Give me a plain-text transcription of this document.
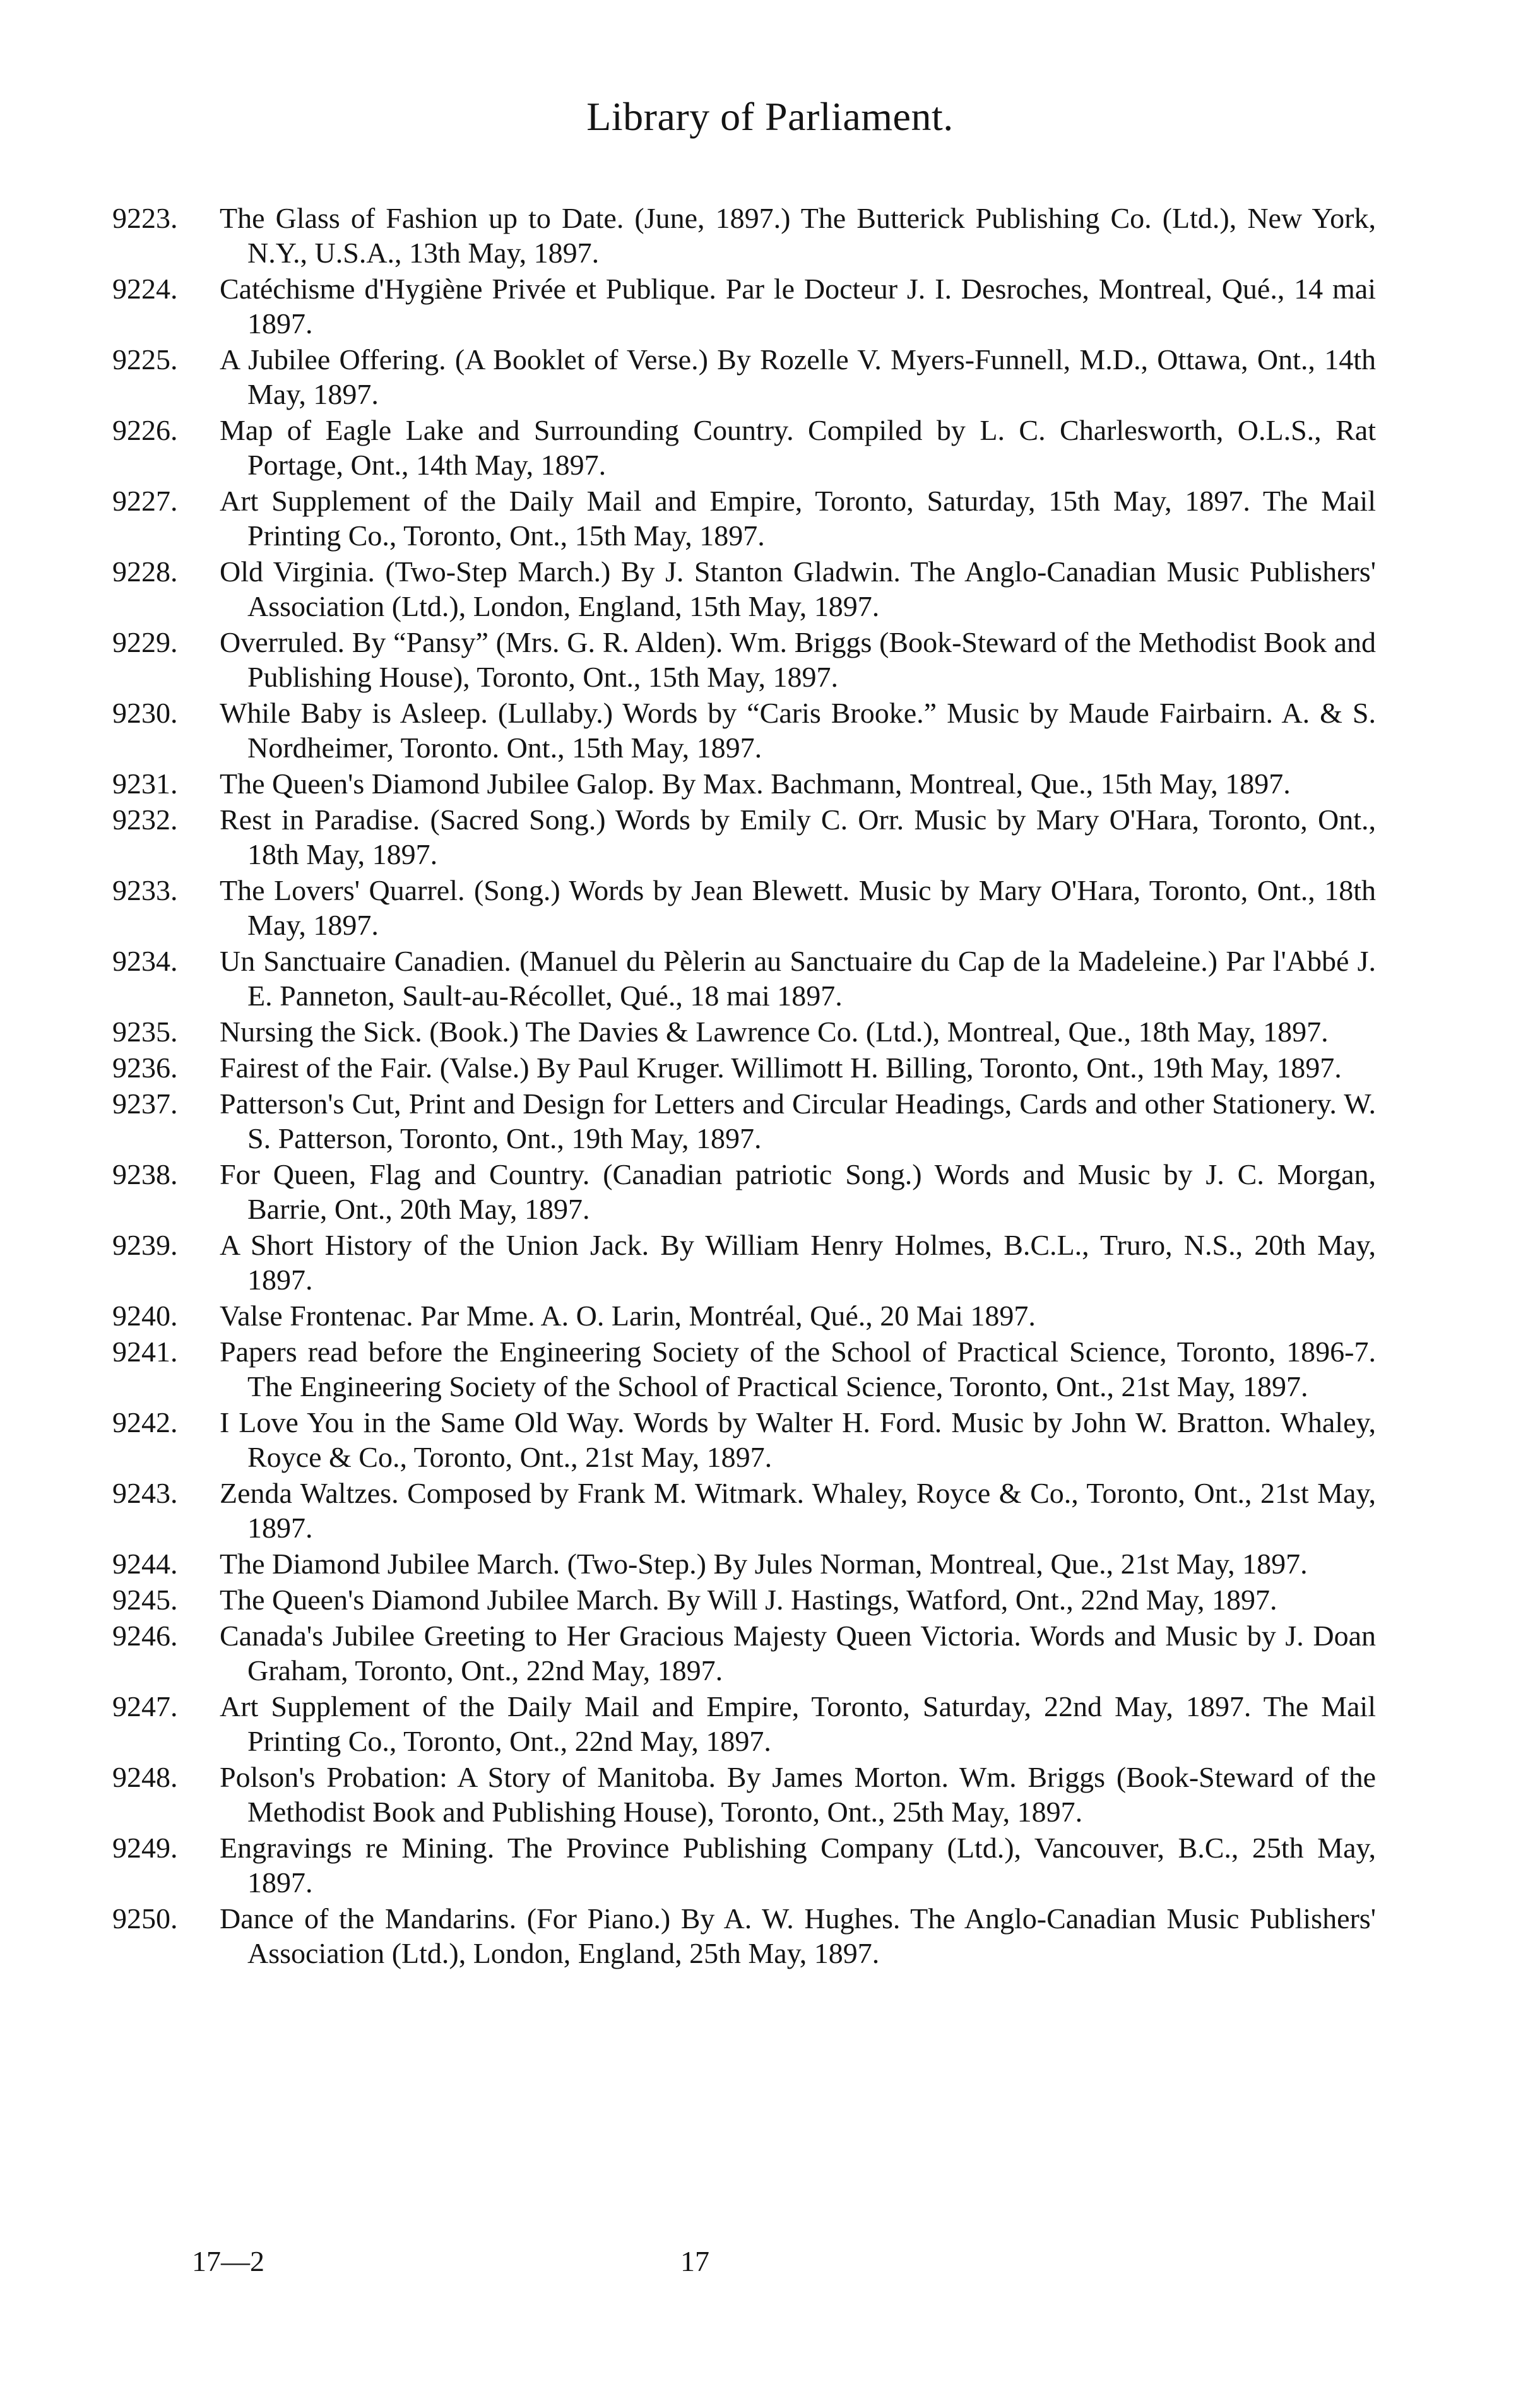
Library of Parliament.
9223.	The Glass of Fashion up to Date. (June, 1897.) The Butterick Publishing Co. (Ltd.), New York, N.Y., U.S.A., 13th May, 1897.
9224.	Catéchisme d'Hygiène Privée et Publique. Par le Docteur J. I. Desroches, Montreal, Qué., 14 mai 1897.
9225.	A Jubilee Offering. (A Booklet of Verse.) By Rozelle V. Myers-Funnell, M.D., Ottawa, Ont., 14th May, 1897.
9226.	Map of Eagle Lake and Surrounding Country. Compiled by L. C. Charlesworth, O.L.S., Rat Portage, Ont., 14th May, 1897.
9227.	Art Supplement of the Daily Mail and Empire, Toronto, Saturday, 15th May, 1897. The Mail Printing Co., Toronto, Ont., 15th May, 1897.
9228.	Old Virginia. (Two-Step March.) By J. Stanton Gladwin. The Anglo-Canadian Music Publishers' Association (Ltd.), London, England, 15th May, 1897.
9229.	Overruled. By “Pansy” (Mrs. G. R. Alden). Wm. Briggs (Book-Steward of the Methodist Book and Publishing House), Toronto, Ont., 15th May, 1897.
9230.	While Baby is Asleep. (Lullaby.) Words by “Caris Brooke.” Music by Maude Fairbairn. A. & S. Nordheimer, Toronto. Ont., 15th May, 1897.
9231.	The Queen's Diamond Jubilee Galop. By Max. Bachmann, Montreal, Que., 15th May, 1897.
9232.	Rest in Paradise. (Sacred Song.) Words by Emily C. Orr. Music by Mary O'Hara, Toronto, Ont., 18th May, 1897.
9233.	The Lovers' Quarrel. (Song.) Words by Jean Blewett. Music by Mary O'Hara, Toronto, Ont., 18th May, 1897.
9234.	Un Sanctuaire Canadien. (Manuel du Pèlerin au Sanctuaire du Cap de la Madeleine.) Par l'Abbé J. E. Panneton, Sault-au-Récollet, Qué., 18 mai 1897.
9235.	Nursing the Sick. (Book.) The Davies & Lawrence Co. (Ltd.), Montreal, Que., 18th May, 1897.
9236.	Fairest of the Fair. (Valse.) By Paul Kruger. Willimott H. Billing, Toronto, Ont., 19th May, 1897.
9237.	Patterson's Cut, Print and Design for Letters and Circular Headings, Cards and other Stationery. W. S. Patterson, Toronto, Ont., 19th May, 1897.
9238.	For Queen, Flag and Country. (Canadian patriotic Song.) Words and Music by J. C. Morgan, Barrie, Ont., 20th May, 1897.
9239.	A Short History of the Union Jack. By William Henry Holmes, B.C.L., Truro, N.S., 20th May, 1897.
9240.	Valse Frontenac. Par Mme. A. O. Larin, Montréal, Qué., 20 Mai 1897.
9241.	Papers read before the Engineering Society of the School of Practical Science, Toronto, 1896-7. The Engineering Society of the School of Practical Science, Toronto, Ont., 21st May, 1897.
9242.	I Love You in the Same Old Way. Words by Walter H. Ford. Music by John W. Bratton. Whaley, Royce & Co., Toronto, Ont., 21st May, 1897.
9243.	Zenda Waltzes. Composed by Frank M. Witmark. Whaley, Royce & Co., Toronto, Ont., 21st May, 1897.
9244.	The Diamond Jubilee March. (Two-Step.) By Jules Norman, Montreal, Que., 21st May, 1897.
9245.	The Queen's Diamond Jubilee March. By Will J. Hastings, Watford, Ont., 22nd May, 1897.
9246.	Canada's Jubilee Greeting to Her Gracious Majesty Queen Victoria. Words and Music by J. Doan Graham, Toronto, Ont., 22nd May, 1897.
9247.	Art Supplement of the Daily Mail and Empire, Toronto, Saturday, 22nd May, 1897. The Mail Printing Co., Toronto, Ont., 22nd May, 1897.
9248.	Polson's Probation: A Story of Manitoba. By James Morton. Wm. Briggs (Book-Steward of the Methodist Book and Publishing House), Toronto, Ont., 25th May, 1897.
9249.	Engravings re Mining. The Province Publishing Company (Ltd.), Vancouver, B.C., 25th May, 1897.
9250.	Dance of the Mandarins. (For Piano.) By A. W. Hughes. The Anglo-Canadian Music Publishers' Association (Ltd.), London, England, 25th May, 1897.
17—2	17
